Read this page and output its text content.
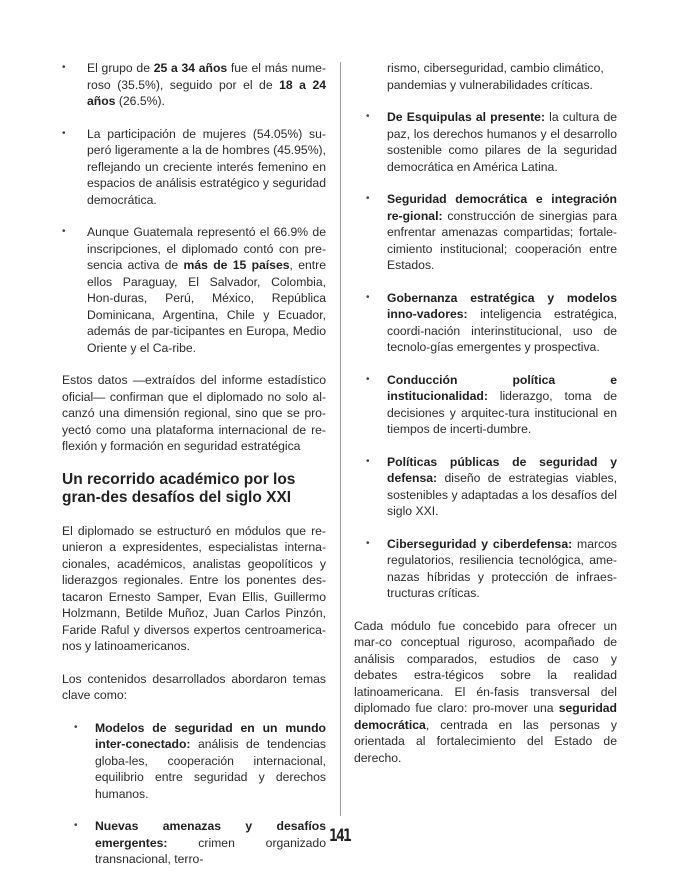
• El grupo de 25 a 34 años fue el más nume-roso (35.5%), seguido por el de 18 a 24 años (26.5%).
• La participación de mujeres (54.05%) su-peró ligeramente a la de hombres (45.95%), reflejando un creciente interés femenino en espacios de análisis estratégico y seguridad democrática.
• Aunque Guatemala representó el 66.9% de inscripciones, el diplomado contó con pre-sencia activa de más de 15 países, entre ellos Paraguay, El Salvador, Colombia, Hon-duras, Perú, México, República Dominicana, Argentina, Chile y Ecuador, además de par-ticipantes en Europa, Medio Oriente y el Ca-ribe.

Estos datos —extraídos del informe estadístico oficial— confirman que el diplomado no solo al-canzó una dimensión regional, sino que se pro-yectó como una plataforma internacional de re-flexión y formación en seguridad estratégica

Un recorrido académico por los gran-des desafíos del siglo XXI

El diplomado se estructuró en módulos que re-unieron a expresidentes, especialistas interna-cionales, académicos, analistas geopolíticos y liderazgos regionales. Entre los ponentes des-tacaron Ernesto Samper, Evan Ellis, Guillermo Holzmann, Betilde Muñoz, Juan Carlos Pinzón, Faride Raful y diversos expertos centroamerica-nos y latinoamericanos.

Los contenidos desarrollados abordaron temas clave como:

• Modelos de seguridad en un mundo inter-conectado: análisis de tendencias globa-les, cooperación internacional, equilibrio entre seguridad y derechos humanos.
• Nuevas amenazas y desafíos emergentes: crimen organizado transnacional, terro-
rismo, ciberseguridad, cambio climático, pandemias y vulnerabilidades críticas.
• De Esquipulas al presente: la cultura de paz, los derechos humanos y el desarrollo sostenible como pilares de la seguridad democrática en América Latina.
• Seguridad democrática e integración re-gional: construcción de sinergias para enfrentar amenazas compartidas; fortale-cimiento institucional; cooperación entre Estados.
• Gobernanza estratégica y modelos inno-vadores: inteligencia estratégica, coordi-nación interinstitucional, uso de tecnolo-gías emergentes y prospectiva.
• Conducción política e institucionalidad: liderazgo, toma de decisiones y arquitec-tura institucional en tiempos de incerti-dumbre.
• Políticas públicas de seguridad y defensa: diseño de estrategias viables, sostenibles y adaptadas a los desafíos del siglo XXI.
• Ciberseguridad y ciberdefensa: marcos regulatorios, resiliencia tecnológica, ame-nazas híbridas y protección de infraes-tructuras críticas.

Cada módulo fue concebido para ofrecer un mar-co conceptual riguroso, acompañado de análisis comparados, estudios de caso y debates estra-tégicos sobre la realidad latinoamericana. El én-fasis transversal del diplomado fue claro: pro-mover una seguridad democrática, centrada en las personas y orientada al fortalecimiento del Estado de derecho.

141
